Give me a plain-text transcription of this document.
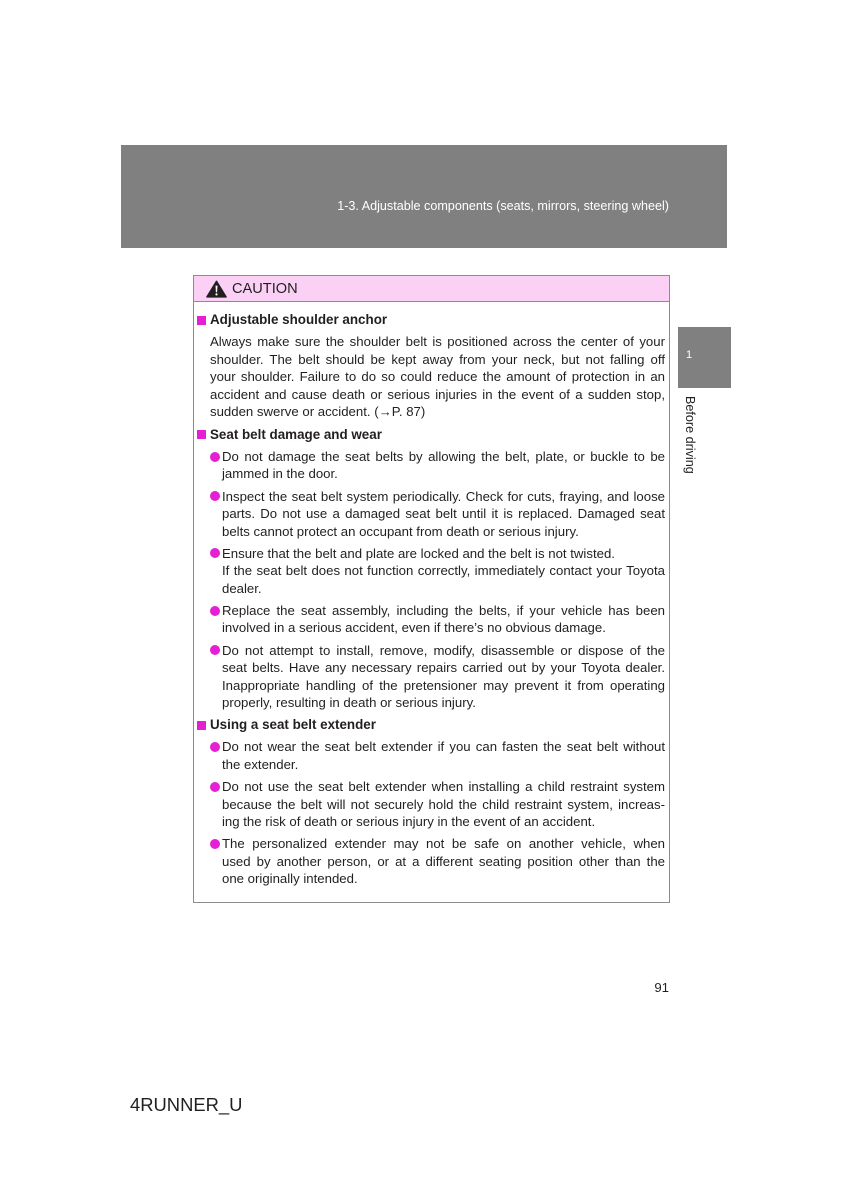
1-3. Adjustable components (seats, mirrors, steering wheel)
1
Before driving
CAUTION
Adjustable shoulder anchor
Always make sure the shoulder belt is positioned across the center of your
shoulder. The belt should be kept away from your neck, but not falling off
your shoulder. Failure to do so could reduce the amount of protection in an
accident and cause death or serious injuries in the event of a sudden stop,
sudden swerve or accident. (→P. 87)
Seat belt damage and wear
Do not damage the seat belts by allowing the belt, plate, or buckle to be
jammed in the door.
Inspect the seat belt system periodically. Check for cuts, fraying, and loose
parts. Do not use a damaged seat belt until it is replaced. Damaged seat
belts cannot protect an occupant from death or serious injury.
Ensure that the belt and plate are locked and the belt is not twisted.
If the seat belt does not function correctly, immediately contact your Toyota
dealer.
Replace the seat assembly, including the belts, if your vehicle has been
involved in a serious accident, even if there’s no obvious damage.
Do not attempt to install, remove, modify, disassemble or dispose of the
seat belts. Have any necessary repairs carried out by your Toyota dealer.
Inappropriate handling of the pretensioner may prevent it from operating
properly, resulting in death or serious injury.
Using a seat belt extender
Do not wear the seat belt extender if you can fasten the seat belt without
the extender.
Do not use the seat belt extender when installing a child restraint system
because the belt will not securely hold the child restraint system, increas-
ing the risk of death or serious injury in the event of an accident.
The personalized extender may not be safe on another vehicle, when
used by another person, or at a different seating position other than the
one originally intended.
91
4RUNNER_U
